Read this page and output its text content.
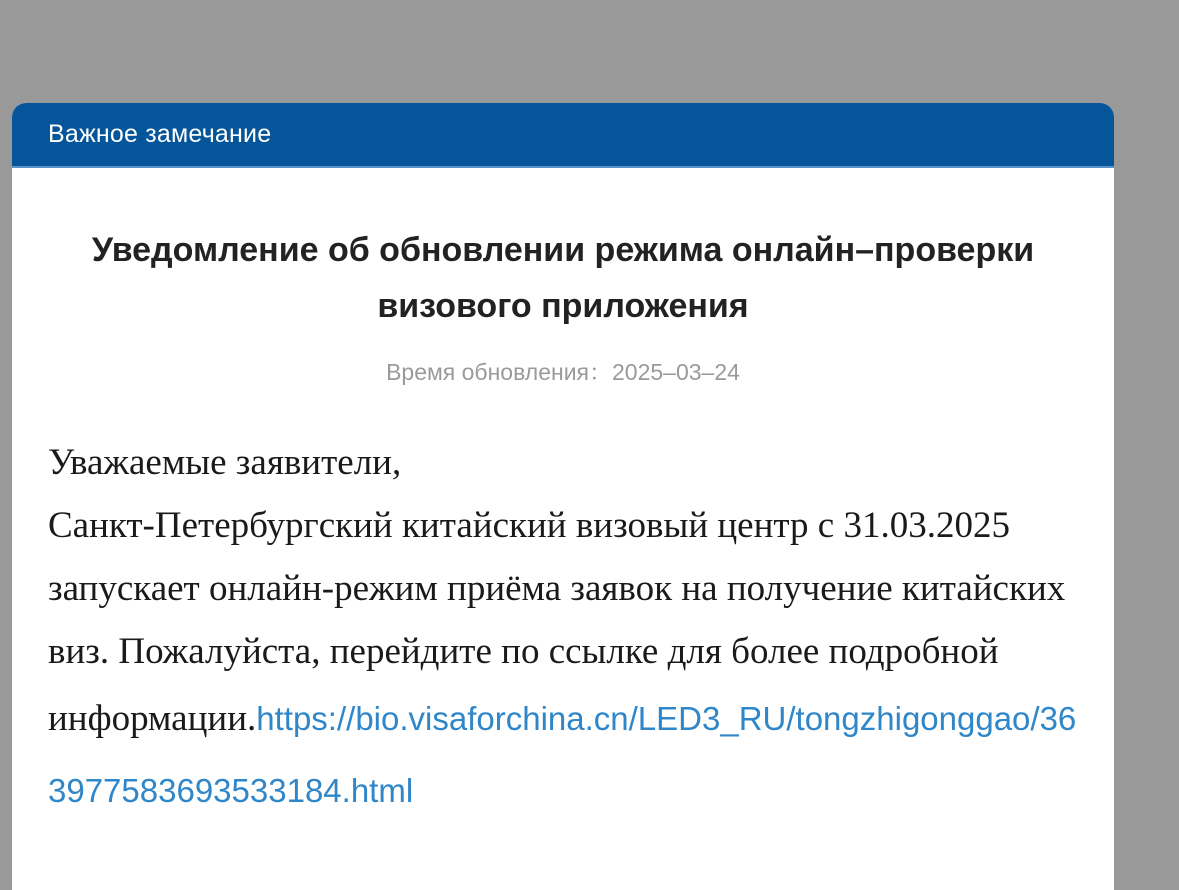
Важное замечание
Уведомление об обновлении режима онлайн–проверки визового приложения
Время обновления：2025–03–24

Уважаемые заявители,

Санкт-Петербургский китайский визовый центр с 31.03.2025 запускает онлайн-режим приёма заявок на получение китайских виз. Пожалуйста, перейдите по ссылке для более подробной информации.https://bio.visaforchina.cn/LED3_RU/tongzhigonggao/363977583693533184.html
